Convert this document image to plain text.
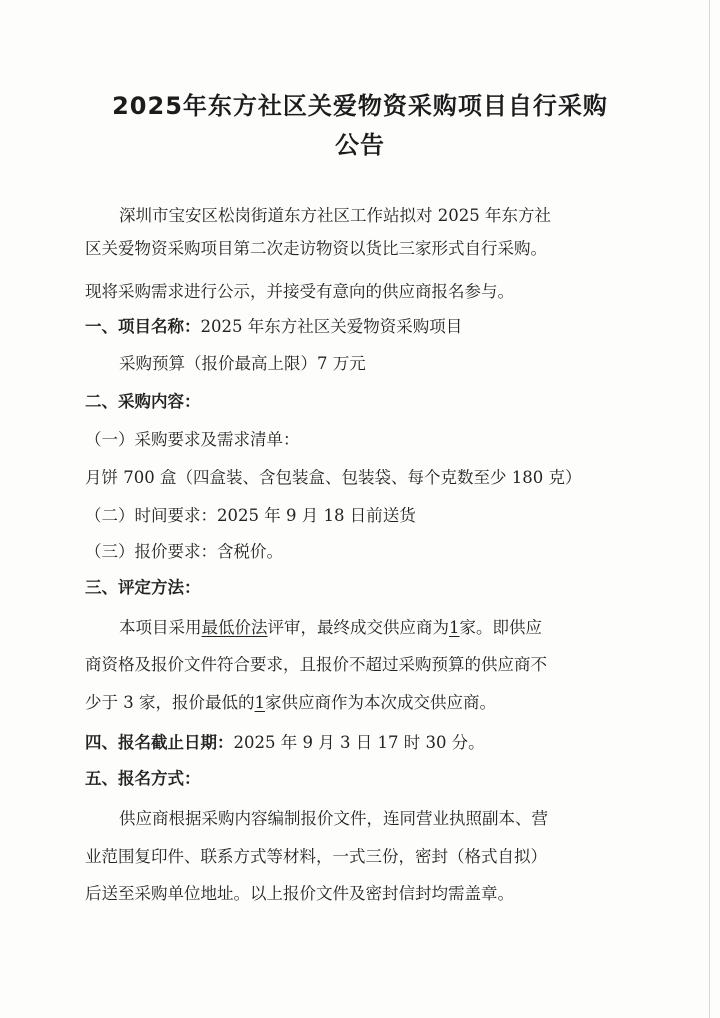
2025年东方社区关爱物资采购项目自行采购
公告

深圳市宝安区松岗街道东方社区工作站拟对 2025 年东方社

区关爱物资采购项目第二次走访物资以货比三家形式自行采购。

现将采购需求进行公示，并接受有意向的供应商报名参与。

一、项目名称：2025 年东方社区关爱物资采购项目

采购预算（报价最高上限）7 万元

二、采购内容：

（一）采购要求及需求清单：

月饼 700 盒（四盒装、含包装盒、包装袋、每个克数至少 180 克）

（二）时间要求：2025 年 9 月 18 日前送货

（三）报价要求：含税价。

三、评定方法：

本项目采用最低价法评审，最终成交供应商为1家。即供应

商资格及报价文件符合要求，且报价不超过采购预算的供应商不

少于 3 家，报价最低的1家供应商作为本次成交供应商。

四、报名截止日期：2025 年 9 月 3 日 17 时 30 分。

五、报名方式：

供应商根据采购内容编制报价文件，连同营业执照副本、营

业范围复印件、联系方式等材料，一式三份，密封（格式自拟）

后送至采购单位地址。以上报价文件及密封信封均需盖章。
